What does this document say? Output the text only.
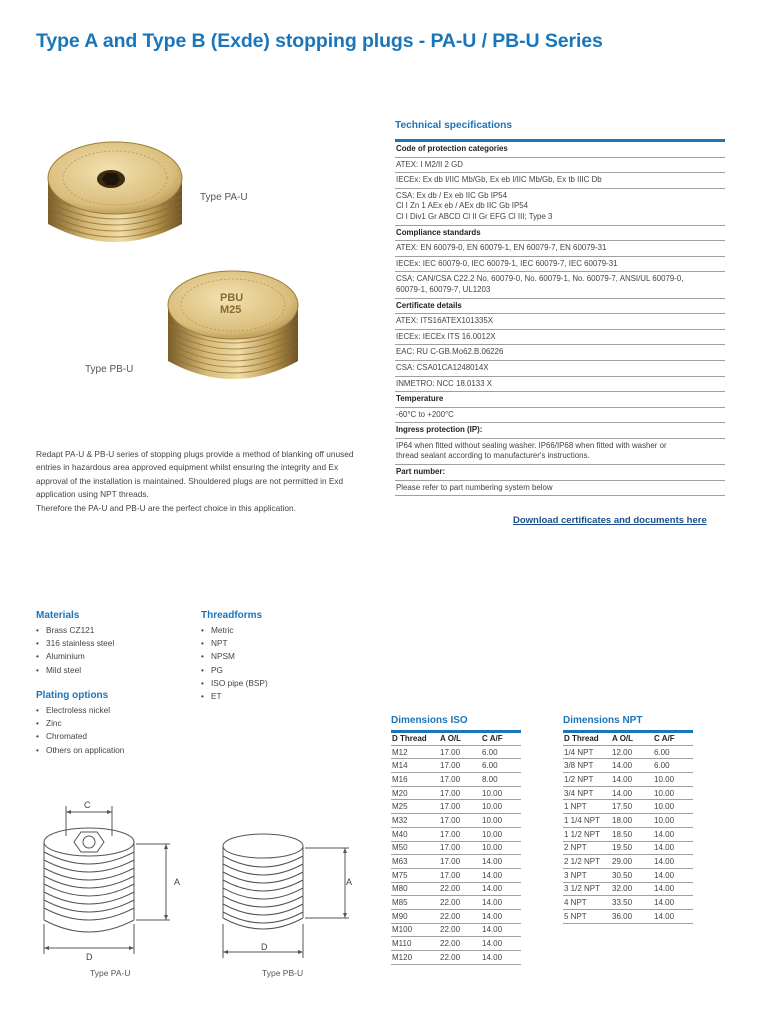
Type A and Type B (Exde) stopping plugs - PA-U / PB-U Series
Type PA-U
PBU
M25
Type PB-U

Redapt PA-U & PB-U series of stopping plugs provide a method of blanking off unused entries in hazardous area approved equipment whilst ensuring the integrity and Ex approval of the installation is maintained. Shouldered plugs are not permitted in Exd application using NPT threads.

Therefore the PA-U and PB-U are the perfect choice in this application.

Technical specifications
Code of protection categories
ATEX: I M2/II 2 GD
IECEx: Ex db I/IIC Mb/Gb, Ex eb I/IIC Mb/Gb, Ex tb IIIC Db
CSA: Ex db / Ex eb IIC Gb IP54
Cl I Zn 1 AEx eb / AEx db IIC Gb IP54
Cl I Div1 Gr ABCD Cl II Gr EFG Cl III; Type 3
Compliance standards
ATEX: EN 60079-0, EN 60079-1, EN 60079-7, EN 60079-31
IECEx: IEC 60079-0, IEC 60079-1, IEC 60079-7, IEC 60079-31
CSA: CAN/CSA C22.2 No. 60079-0, No. 60079-1, No. 60079-7, ANSI/UL 60079-0,
60079-1, 60079-7, UL1203
Certificate details
ATEX: ITS16ATEX101335X
IECEx: IECEx ITS 16.0012X
EAC: RU C-GB.Mᴏ62.B.06226
CSA: CSA01CA1248014X
INMETRO: NCC 18.0133 X
Temperature
-60°C to +200°C
Ingress protection (IP):
IP64 when fitted without sealing washer. IP66/IP68 when fitted with washer or
thread sealant according to manufacturer's instructions.
Part number:
Please refer to part numbering system below
Download certificates and documents here
Materials
• Brass CZ121
• 316 stainless steel
• Aluminium
• Mild steel
Plating options
• Electroless nickel
• Zinc
• Chromated
• Others on application
Threadforms
• Metric
• NPT
• NPSM
• PG
• ISO pipe (BSP)
• ET
Dimensions ISO
D Thread	A O/L	C A/F
M12	17.00	6.00
M14	17.00	6.00
M16	17.00	8.00
M20	17.00	10.00
M25	17.00	10.00
M32	17.00	10.00
M40	17.00	10.00
M50	17.00	10.00
M63	17.00	14.00
M75	17.00	14.00
M80	22.00	14.00
M85	22.00	14.00
M90	22.00	14.00
M100	22.00	14.00
M110	22.00	14.00
M120	22.00	14.00
Dimensions NPT
D Thread	A O/L	C A/F
1/4 NPT	12.00	6.00
3/8 NPT	14.00	6.00
1/2 NPT	14.00	10.00
3/4 NPT	14.00	10.00
1 NPT	17.50	10.00
1 1/4 NPT	18.00	10.00
1 1/2 NPT	18.50	14.00
2 NPT	19.50	14.00
2 1/2 NPT	29.00	14.00
3 NPT	30.50	14.00
3 1/2 NPT	32.00	14.00
4 NPT	33.50	14.00
5 NPT	36.00	14.00
C
A
D
Type PA-U
A
D
Type PB-U
